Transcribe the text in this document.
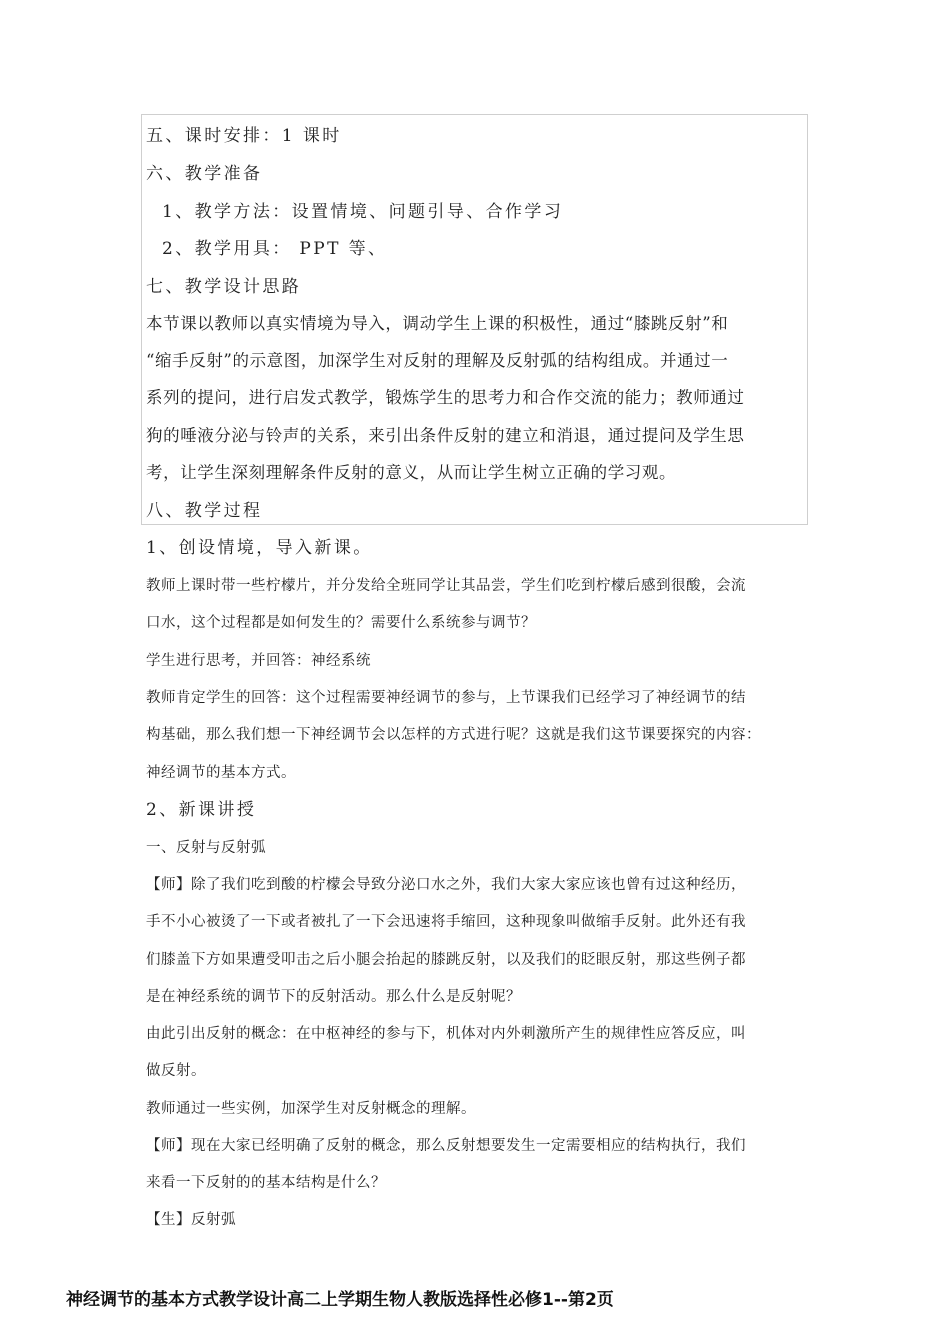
五、课时安排：1 课时
六、教学准备
1、教学方法：设置情境、问题引导、合作学习
2、教学用具： PPT 等、
七、教学设计思路
本节课以教师以真实情境为导入，调动学生上课的积极性，通过“膝跳反射”和
“缩手反射”的示意图，加深学生对反射的理解及反射弧的结构组成。并通过一
系列的提问，进行启发式教学，锻炼学生的思考力和合作交流的能力；教师通过
狗的唾液分泌与铃声的关系，来引出条件反射的建立和消退，通过提问及学生思
考，让学生深刻理解条件反射的意义，从而让学生树立正确的学习观。
八、教学过程
1、创设情境，导入新课。
教师上课时带一些柠檬片，并分发给全班同学让其品尝，学生们吃到柠檬后感到很酸，会流
口水，这个过程都是如何发生的？需要什么系统参与调节？
学生进行思考，并回答：神经系统
教师肯定学生的回答：这个过程需要神经调节的参与，上节课我们已经学习了神经调节的结
构基础，那么我们想一下神经调节会以怎样的方式进行呢？这就是我们这节课要探究的内容：
神经调节的基本方式。
2、新课讲授
一、反射与反射弧
【师】除了我们吃到酸的柠檬会导致分泌口水之外，我们大家大家应该也曾有过这种经历，
手不小心被烫了一下或者被扎了一下会迅速将手缩回，这种现象叫做缩手反射。此外还有我
们膝盖下方如果遭受叩击之后小腿会抬起的膝跳反射，以及我们的眨眼反射，那这些例子都
是在神经系统的调节下的反射活动。那么什么是反射呢？
由此引出反射的概念：在中枢神经的参与下，机体对内外刺激所产生的规律性应答反应，叫
做反射。
教师通过一些实例，加深学生对反射概念的理解。
【师】现在大家已经明确了反射的概念，那么反射想要发生一定需要相应的结构执行，我们
来看一下反射的的基本结构是什么？
【生】反射弧
神经调节的基本方式教学设计高二上学期生物人教版选择性必修1--第2页
